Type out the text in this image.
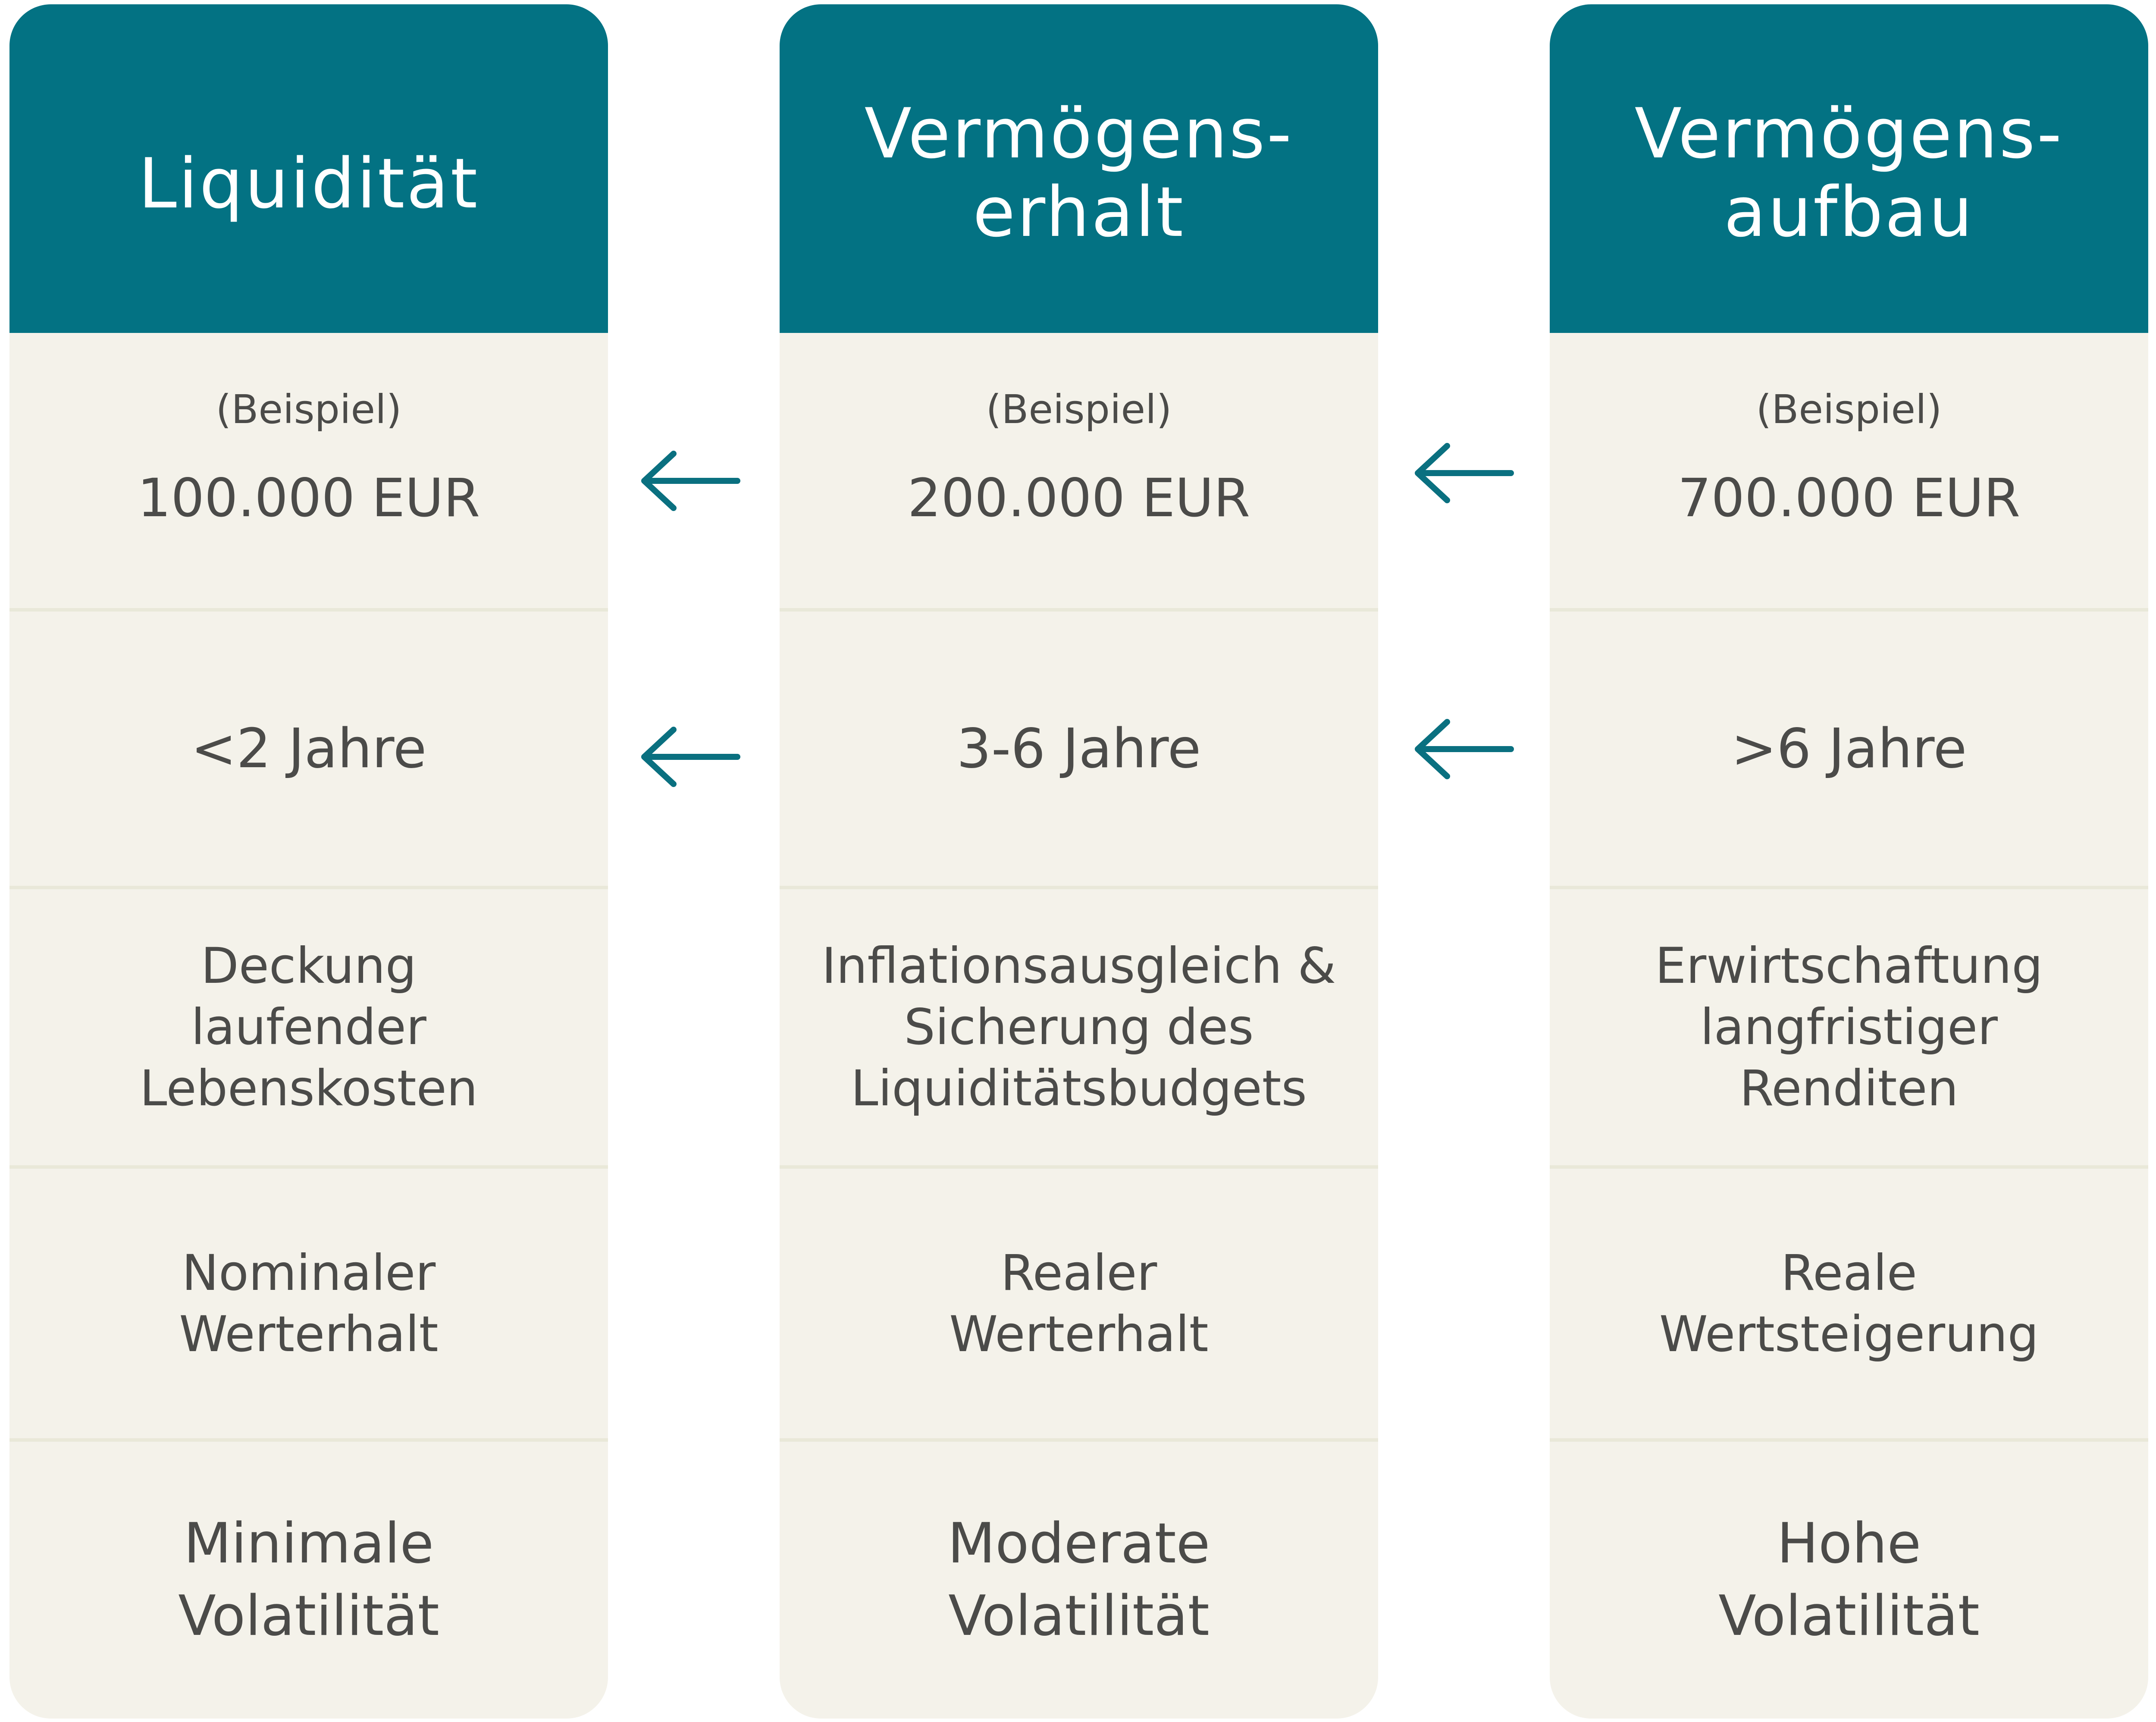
Liquidität
(Beispiel)
100.000 EUR
<2 Jahre
Deckung
laufender
Lebenskosten
Nominaler
Werterhalt
Minimale
Volatilität
Vermögens-
erhalt
(Beispiel)
200.000 EUR
3-6 Jahre
Inflationsausgleich &
Sicherung des
Liquiditätsbudgets
Realer
Werterhalt
Moderate
Volatilität
Vermögens-
aufbau
(Beispiel)
700.000 EUR
>6 Jahre
Erwirtschaftung
langfristiger
Renditen
Reale
Wertsteigerung
Hohe
Volatilität
